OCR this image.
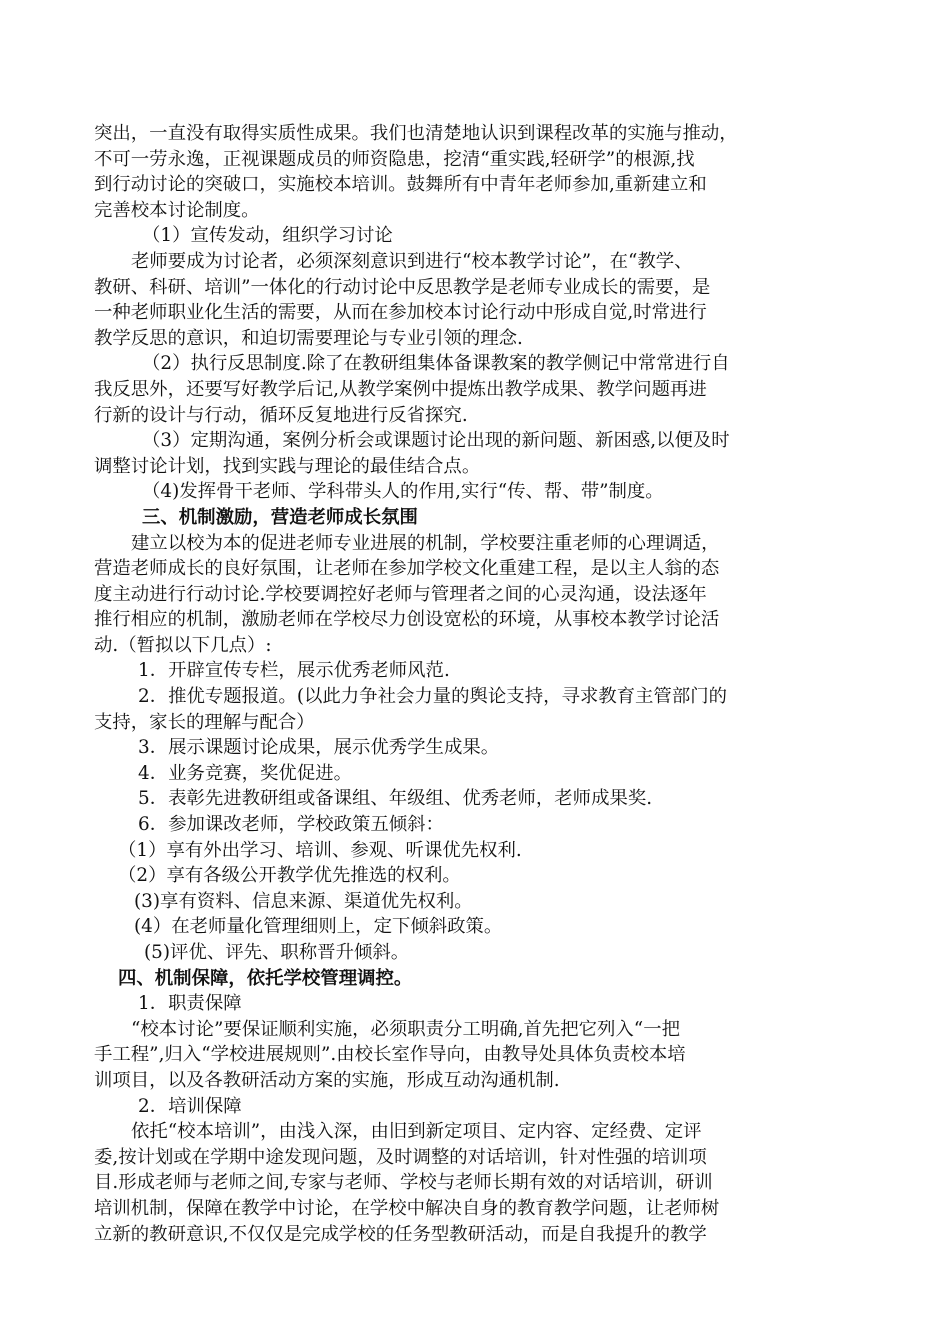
突出，一直没有取得实质性成果。我们也清楚地认识到课程改革的实施与推动，
不可一劳永逸，正视课题成员的师资隐患，挖清“重实践,轻研学”的根源,找
到行动讨论的突破口，实施校本培训。鼓舞所有中青年老师参加,重新建立和
完善校本讨论制度。
（1）宣传发动，组织学习讨论
老师要成为讨论者，必须深刻意识到进行“校本教学讨论”，在“教学、
教研、科研、培训”一体化的行动讨论中反思教学是老师专业成长的需要，是
一种老师职业化生活的需要，从而在参加校本讨论行动中形成自觉,时常进行
教学反思的意识，和迫切需要理论与专业引领的理念.
（2）执行反思制度.除了在教研组集体备课教案的教学侧记中常常进行自
我反思外，还要写好教学后记,从教学案例中提炼出教学成果、教学问题再进
行新的设计与行动，循环反复地进行反省探究.
（3）定期沟通，案例分析会或课题讨论出现的新问题、新困惑,以便及时
调整讨论计划，找到实践与理论的最佳结合点。
（4)发挥骨干老师、学科带头人的作用,实行“传、帮、带”制度。
三、机制激励，营造老师成长氛围
建立以校为本的促进老师专业进展的机制，学校要注重老师的心理调适，
营造老师成长的良好氛围，让老师在参加学校文化重建工程，是以主人翁的态
度主动进行行动讨论.学校要调控好老师与管理者之间的心灵沟通，设法逐年
推行相应的机制，激励老师在学校尽力创设宽松的环境，从事校本教学讨论活
动.（暂拟以下几点）:
1．开辟宣传专栏，展示优秀老师风范.
2．推优专题报道。(以此力争社会力量的舆论支持，寻求教育主管部门的
支持，家长的理解与配合）
3．展示课题讨论成果，展示优秀学生成果。
4．业务竞赛，奖优促进。
5．表彰先进教研组或备课组、年级组、优秀老师，老师成果奖.
6．参加课改老师，学校政策五倾斜：
（1）享有外出学习、培训、参观、听课优先权利.
（2）享有各级公开教学优先推选的权利。
(3)享有资料、信息来源、渠道优先权利。
(4）在老师量化管理细则上，定下倾斜政策。
(5)评优、评先、职称晋升倾斜。
四、机制保障，依托学校管理调控。
1．职责保障
“校本讨论”要保证顺利实施，必须职责分工明确,首先把它列入“一把
手工程”,归入“学校进展规则”.由校长室作导向，由教导处具体负责校本培
训项目，以及各教研活动方案的实施，形成互动沟通机制.
2．培训保障
依托“校本培训”，由浅入深，由旧到新定项目、定内容、定经费、定评
委,按计划或在学期中途发现问题，及时调整的对话培训，针对性强的培训项
目.形成老师与老师之间,专家与老师、学校与老师长期有效的对话培训，研训
培训机制，保障在教学中讨论，在学校中解决自身的教育教学问题，让老师树
立新的教研意识,不仅仅是完成学校的任务型教研活动，而是自我提升的教学
